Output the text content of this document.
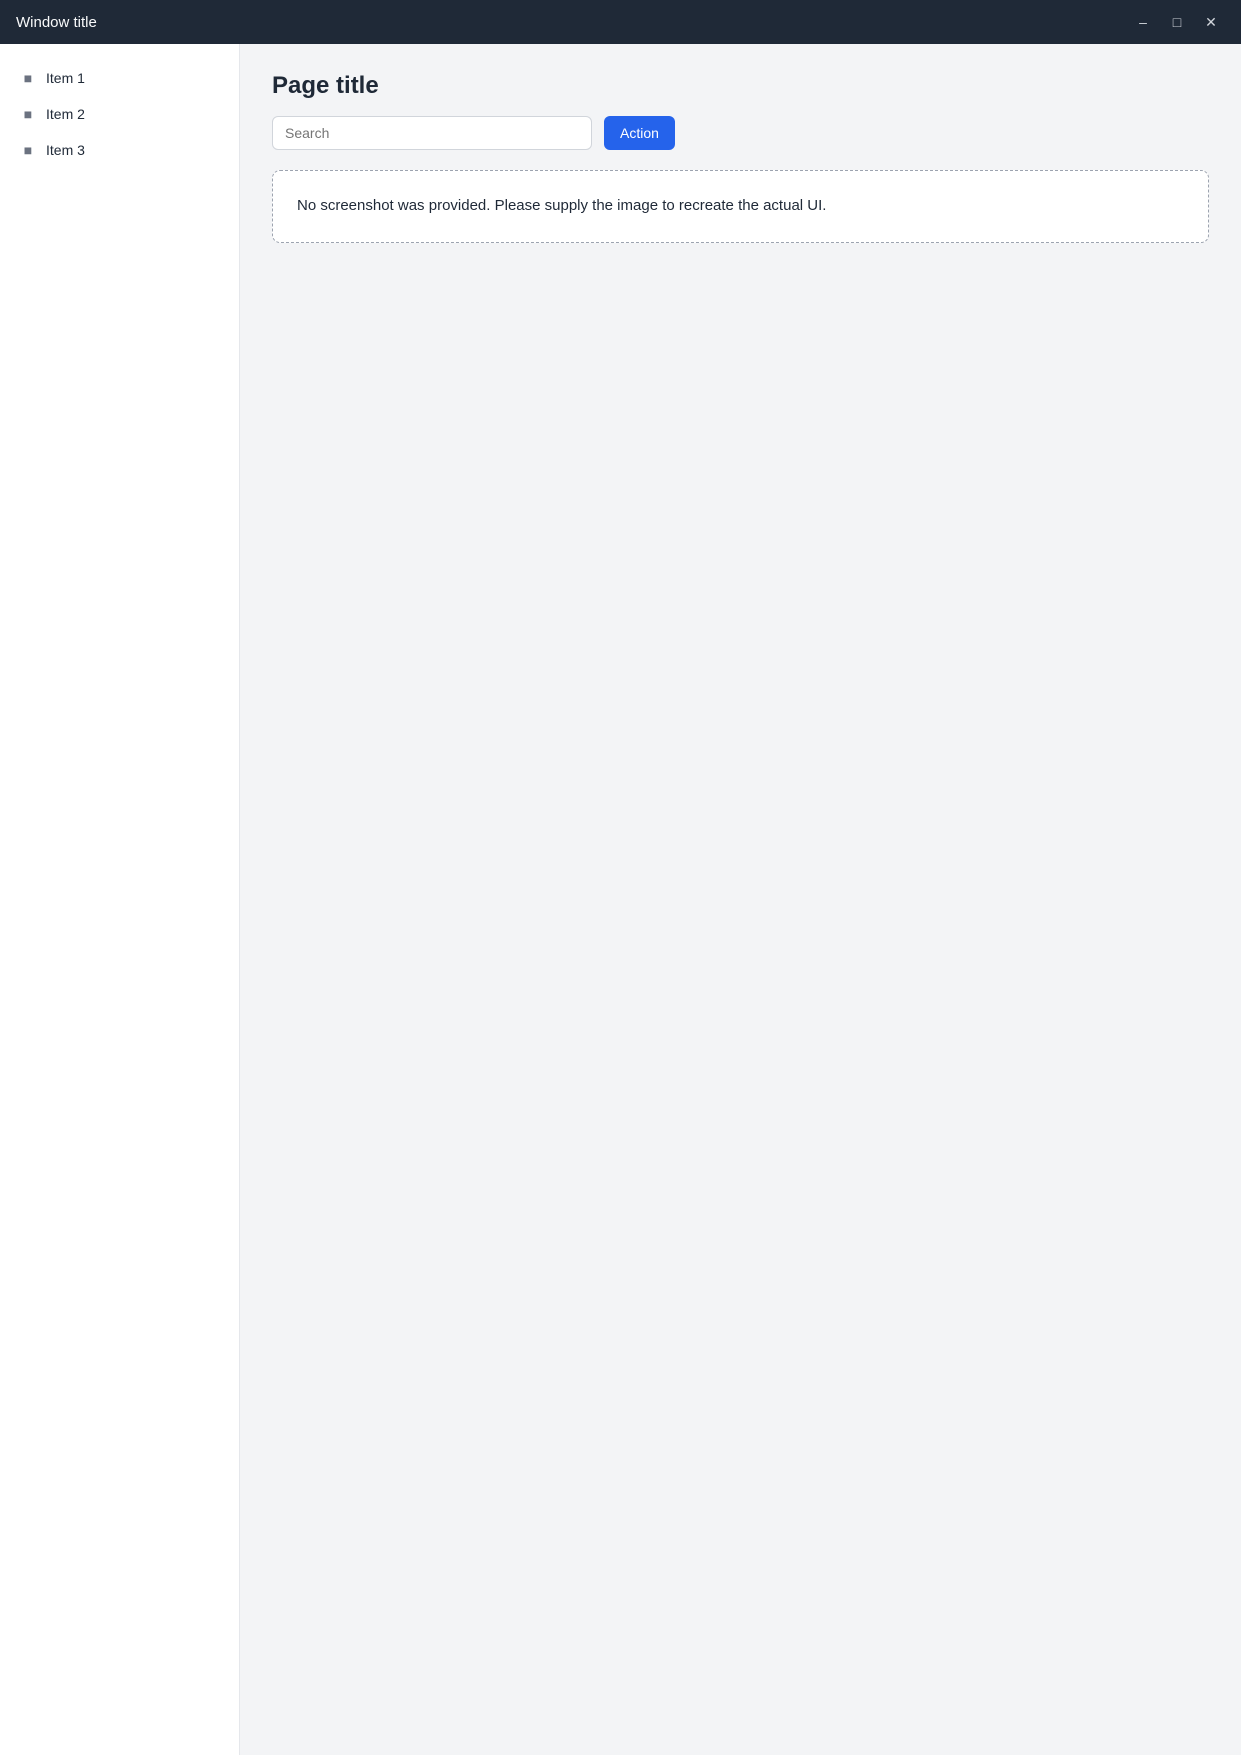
Window title	–	□	✕
■ Item 1
■ Item 2
■ Item 3
Page title
Search
Action
No screenshot was provided. Please supply the image to recreate the actual UI.
